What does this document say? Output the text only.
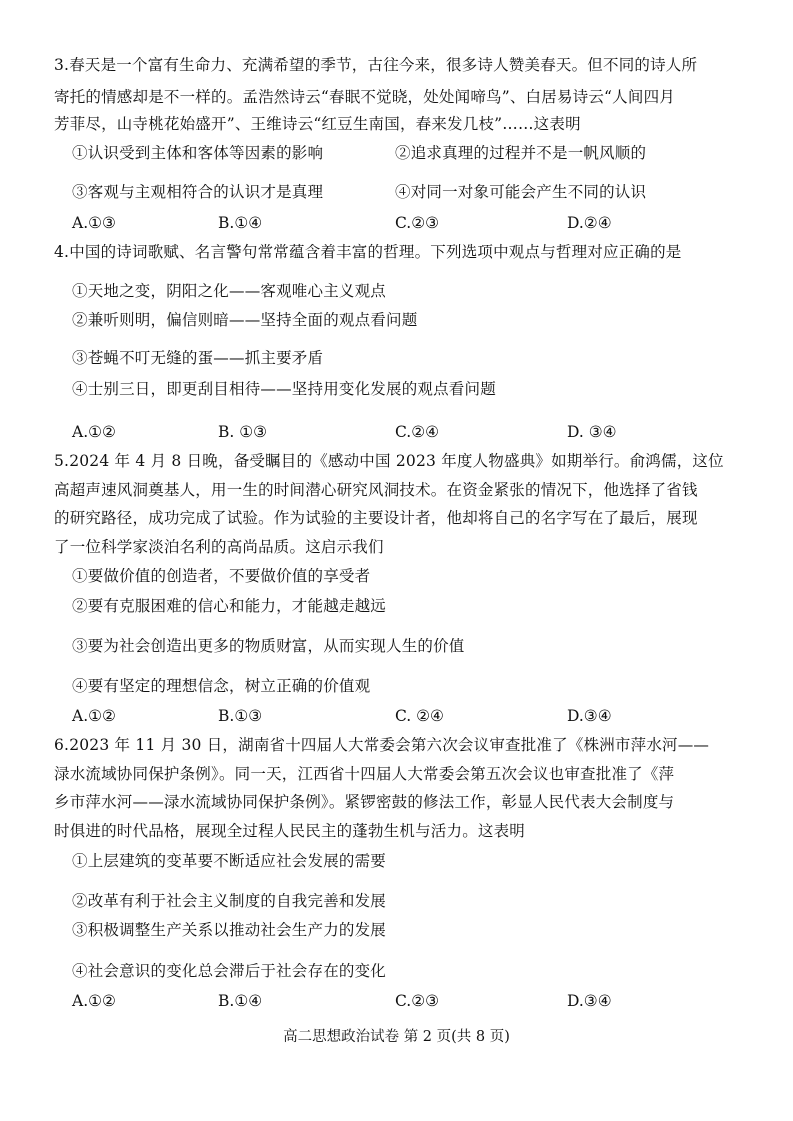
3.春天是一个富有生命力、充满希望的季节，古往今来，很多诗人赞美春天。但不同的诗人所
寄托的情感却是不一样的。孟浩然诗云“春眠不觉晓，处处闻啼鸟”、白居易诗云“人间四月
芳菲尽，山寺桃花始盛开”、王维诗云“红豆生南国，春来发几枝”……这表明
①认识受到主体和客体等因素的影响	②追求真理的过程并不是一帆风顺的
③客观与主观相符合的认识才是真理	④对同一对象可能会产生不同的认识
A.①③	B.①④	C.②③	D.②④
4.中国的诗词歌赋、名言警句常常蕴含着丰富的哲理。下列选项中观点与哲理对应正确的是
①天地之变，阴阳之化——客观唯心主义观点
②兼听则明，偏信则暗——坚持全面的观点看问题
③苍蝇不叮无缝的蛋——抓主要矛盾
④士别三日，即更刮目相待——坚持用变化发展的观点看问题
A.①②	B. ①③	C.②④	D. ③④
5.2024 年 4 月 8 日晚，备受瞩目的《感动中国 2023 年度人物盛典》如期举行。俞鸿儒，这位
高超声速风洞奠基人，用一生的时间潜心研究风洞技术。在资金紧张的情况下，他选择了省钱
的研究路径，成功完成了试验。作为试验的主要设计者，他却将自己的名字写在了最后，展现
了一位科学家淡泊名利的高尚品质。这启示我们
①要做价值的创造者，不要做价值的享受者
②要有克服困难的信心和能力，才能越走越远
③要为社会创造出更多的物质财富，从而实现人生的价值
④要有坚定的理想信念，树立正确的价值观
A.①②	B.①③	C. ②④	D.③④
6.2023 年 11 月 30 日，湖南省十四届人大常委会第六次会议审查批准了《株洲市萍水河——
渌水流域协同保护条例》。同一天，江西省十四届人大常委会第五次会议也审查批准了《萍
乡市萍水河——渌水流域协同保护条例》。紧锣密鼓的修法工作，彰显人民代表大会制度与
时俱进的时代品格，展现全过程人民民主的蓬勃生机与活力。这表明
①上层建筑的变革要不断适应社会发展的需要
②改革有利于社会主义制度的自我完善和发展
③积极调整生产关系以推动社会生产力的发展
④社会意识的变化总会滞后于社会存在的变化
A.①②	B.①④	C.②③	D.③④
高二思想政治试卷 第 2 页(共 8 页)
